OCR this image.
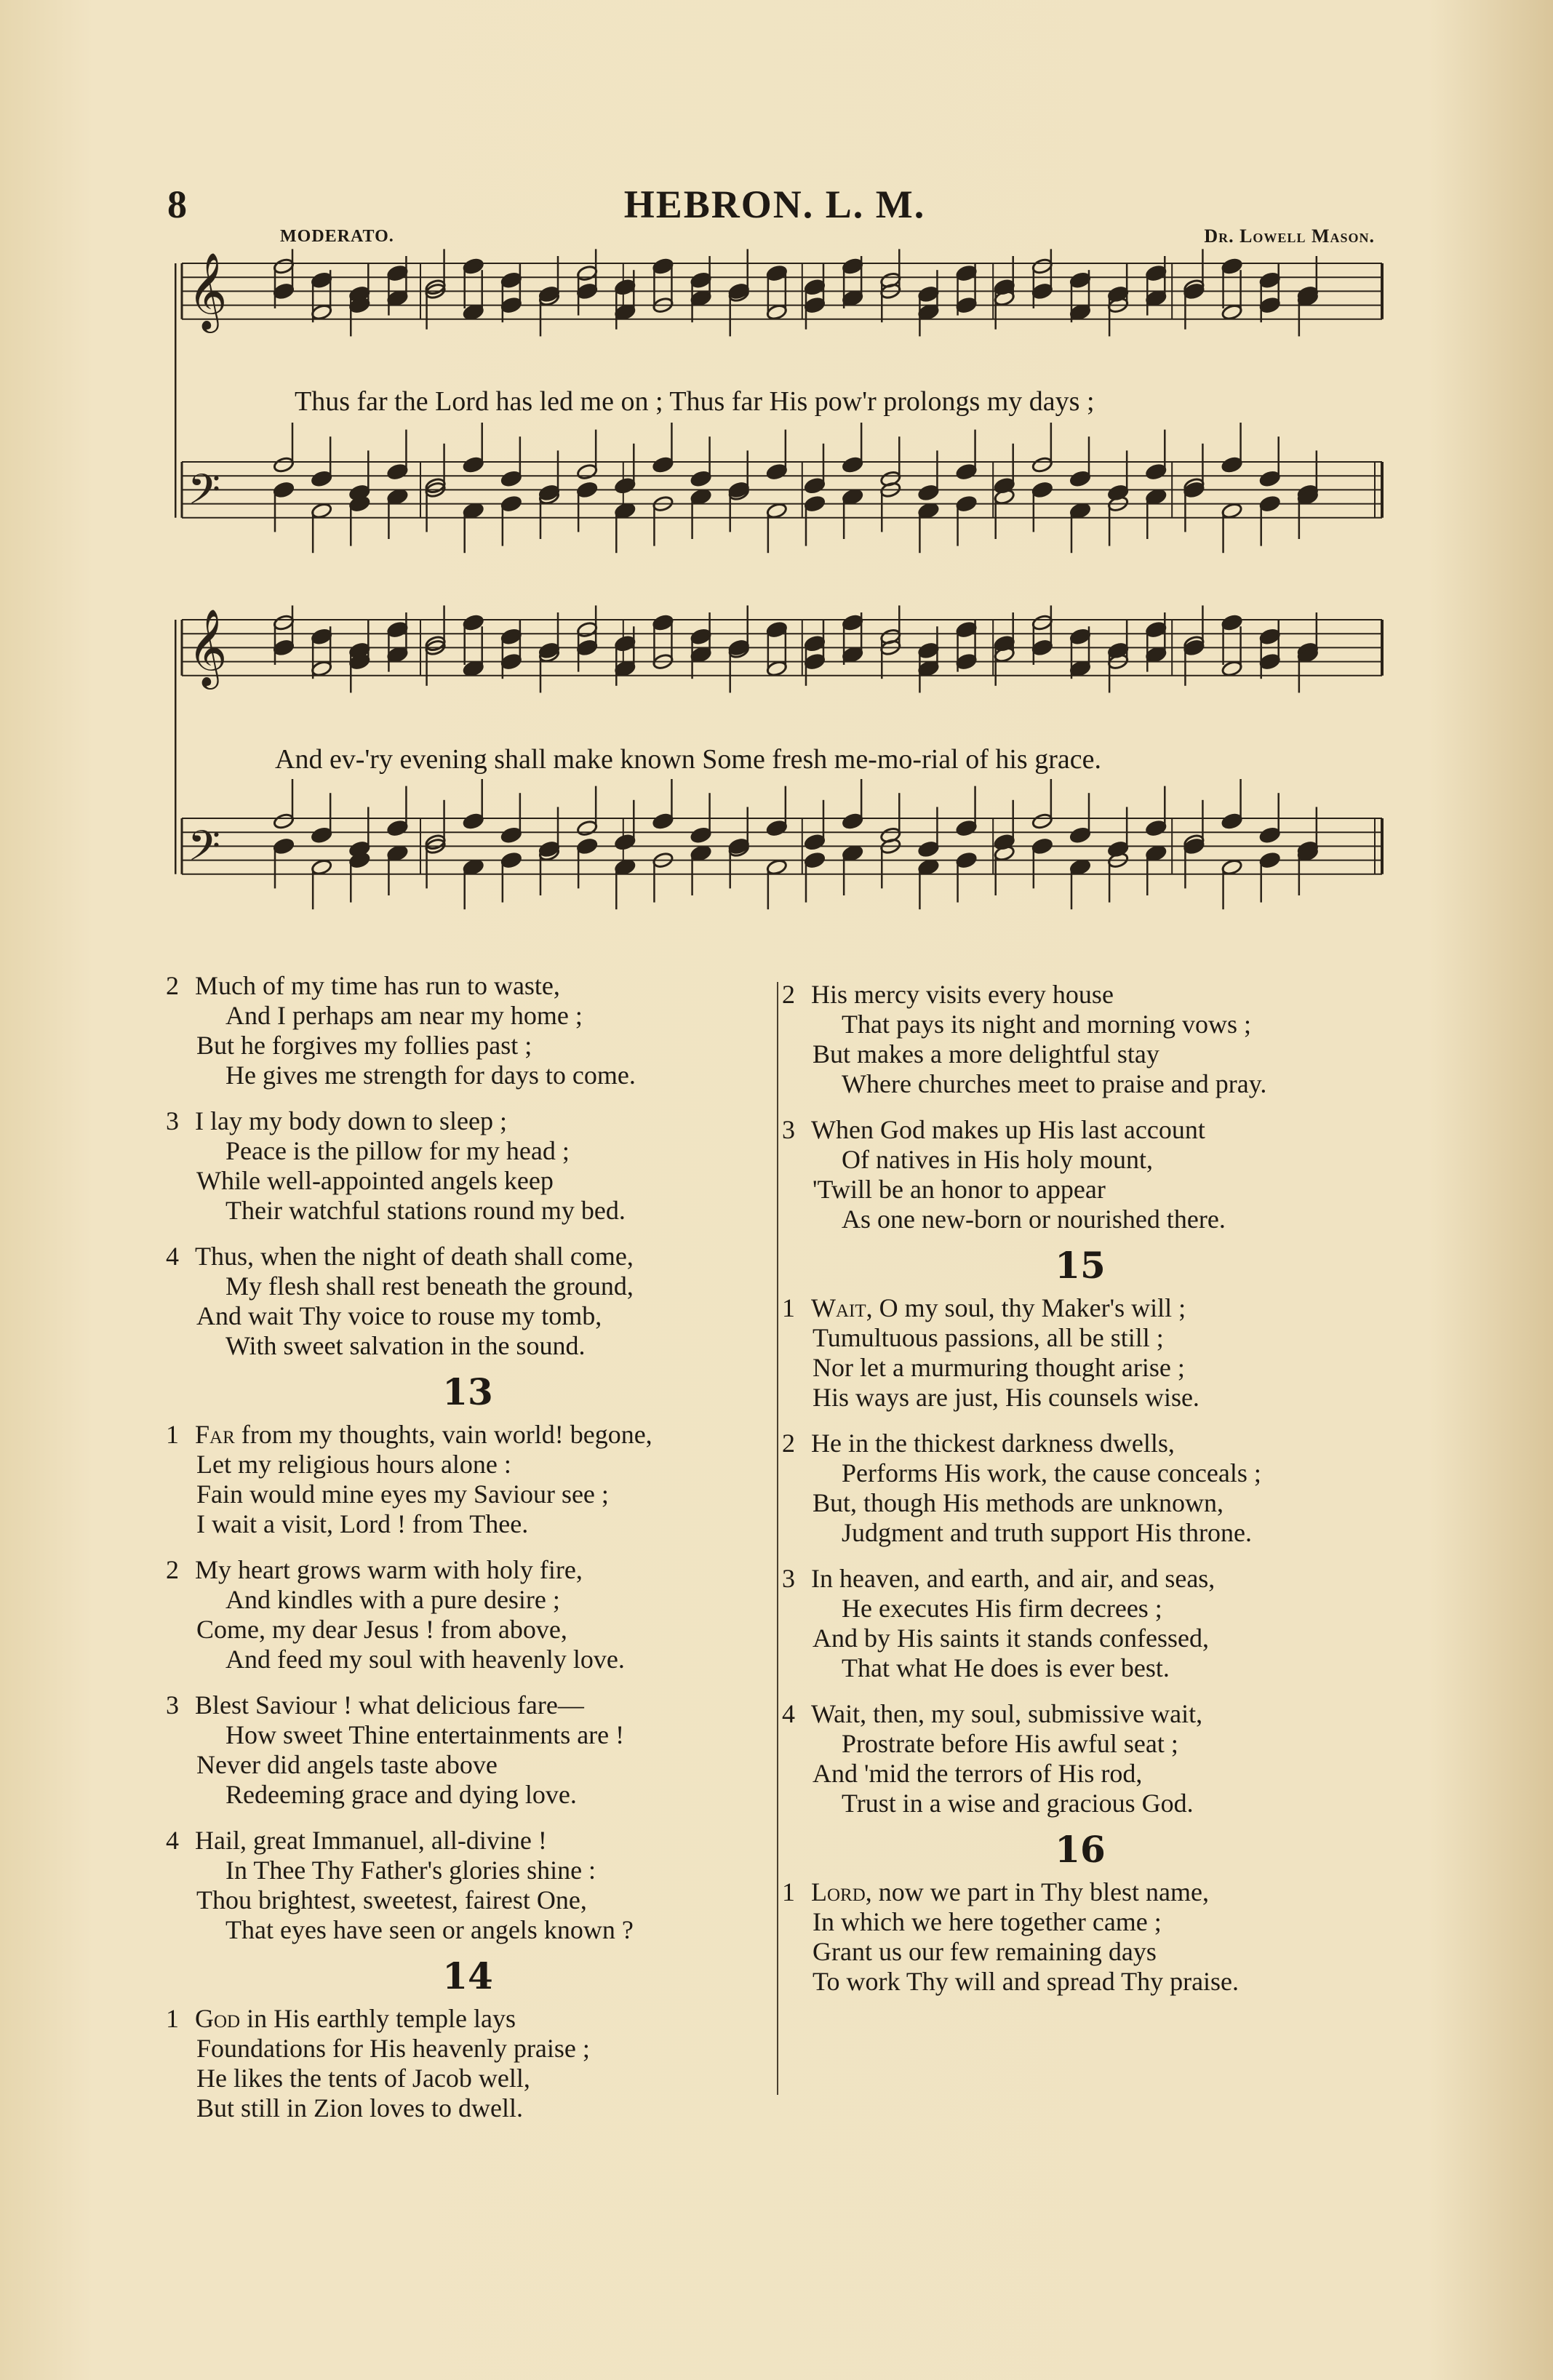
8	HEBRON. L. M.
MODERATO.	Dr. Lowell Mason.
𝄞
𝄢
𝄞
𝄢
Thus far the Lord has led me on ; Thus far His pow'r prolongs my days ;
And ev-'ry evening shall make known Some fresh me-mo-rial of his grace.
2 Much of my time has run to waste,
And I perhaps am near my home ;
But he forgives my follies past ;
He gives me strength for days to come.
3 I lay my body down to sleep ;
Peace is the pillow for my head ;
While well-appointed angels keep
Their watchful stations round my bed.
4 Thus, when the night of death shall come,
My flesh shall rest beneath the ground,
And wait Thy voice to rouse my tomb,
With sweet salvation in the sound.
13
1 Far from my thoughts, vain world! begone,
Let my religious hours alone :
Fain would mine eyes my Saviour see ;
I wait a visit, Lord ! from Thee.
2 My heart grows warm with holy fire,
And kindles with a pure desire ;
Come, my dear Jesus ! from above,
And feed my soul with heavenly love.
3 Blest Saviour ! what delicious fare—
How sweet Thine entertainments are !
Never did angels taste above
Redeeming grace and dying love.
4 Hail, great Immanuel, all-divine !
In Thee Thy Father's glories shine :
Thou brightest, sweetest, fairest One,
That eyes have seen or angels known ?
14
1 God in His earthly temple lays
Foundations for His heavenly praise ;
He likes the tents of Jacob well,
But still in Zion loves to dwell.
2 His mercy visits every house
That pays its night and morning vows ;
But makes a more delightful stay
Where churches meet to praise and pray.
3 When God makes up His last account
Of natives in His holy mount,
'Twill be an honor to appear
As one new-born or nourished there.
15
1 Wait, O my soul, thy Maker's will ;
Tumultuous passions, all be still ;
Nor let a murmuring thought arise ;
His ways are just, His counsels wise.
2 He in the thickest darkness dwells,
Performs His work, the cause conceals ;
But, though His methods are unknown,
Judgment and truth support His throne.
3 In heaven, and earth, and air, and seas,
He executes His firm decrees ;
And by His saints it stands confessed,
That what He does is ever best.
4 Wait, then, my soul, submissive wait,
Prostrate before His awful seat ;
And 'mid the terrors of His rod,
Trust in a wise and gracious God.
16
1 Lord, now we part in Thy blest name,
In which we here together came ;
Grant us our few remaining days
To work Thy will and spread Thy praise.
